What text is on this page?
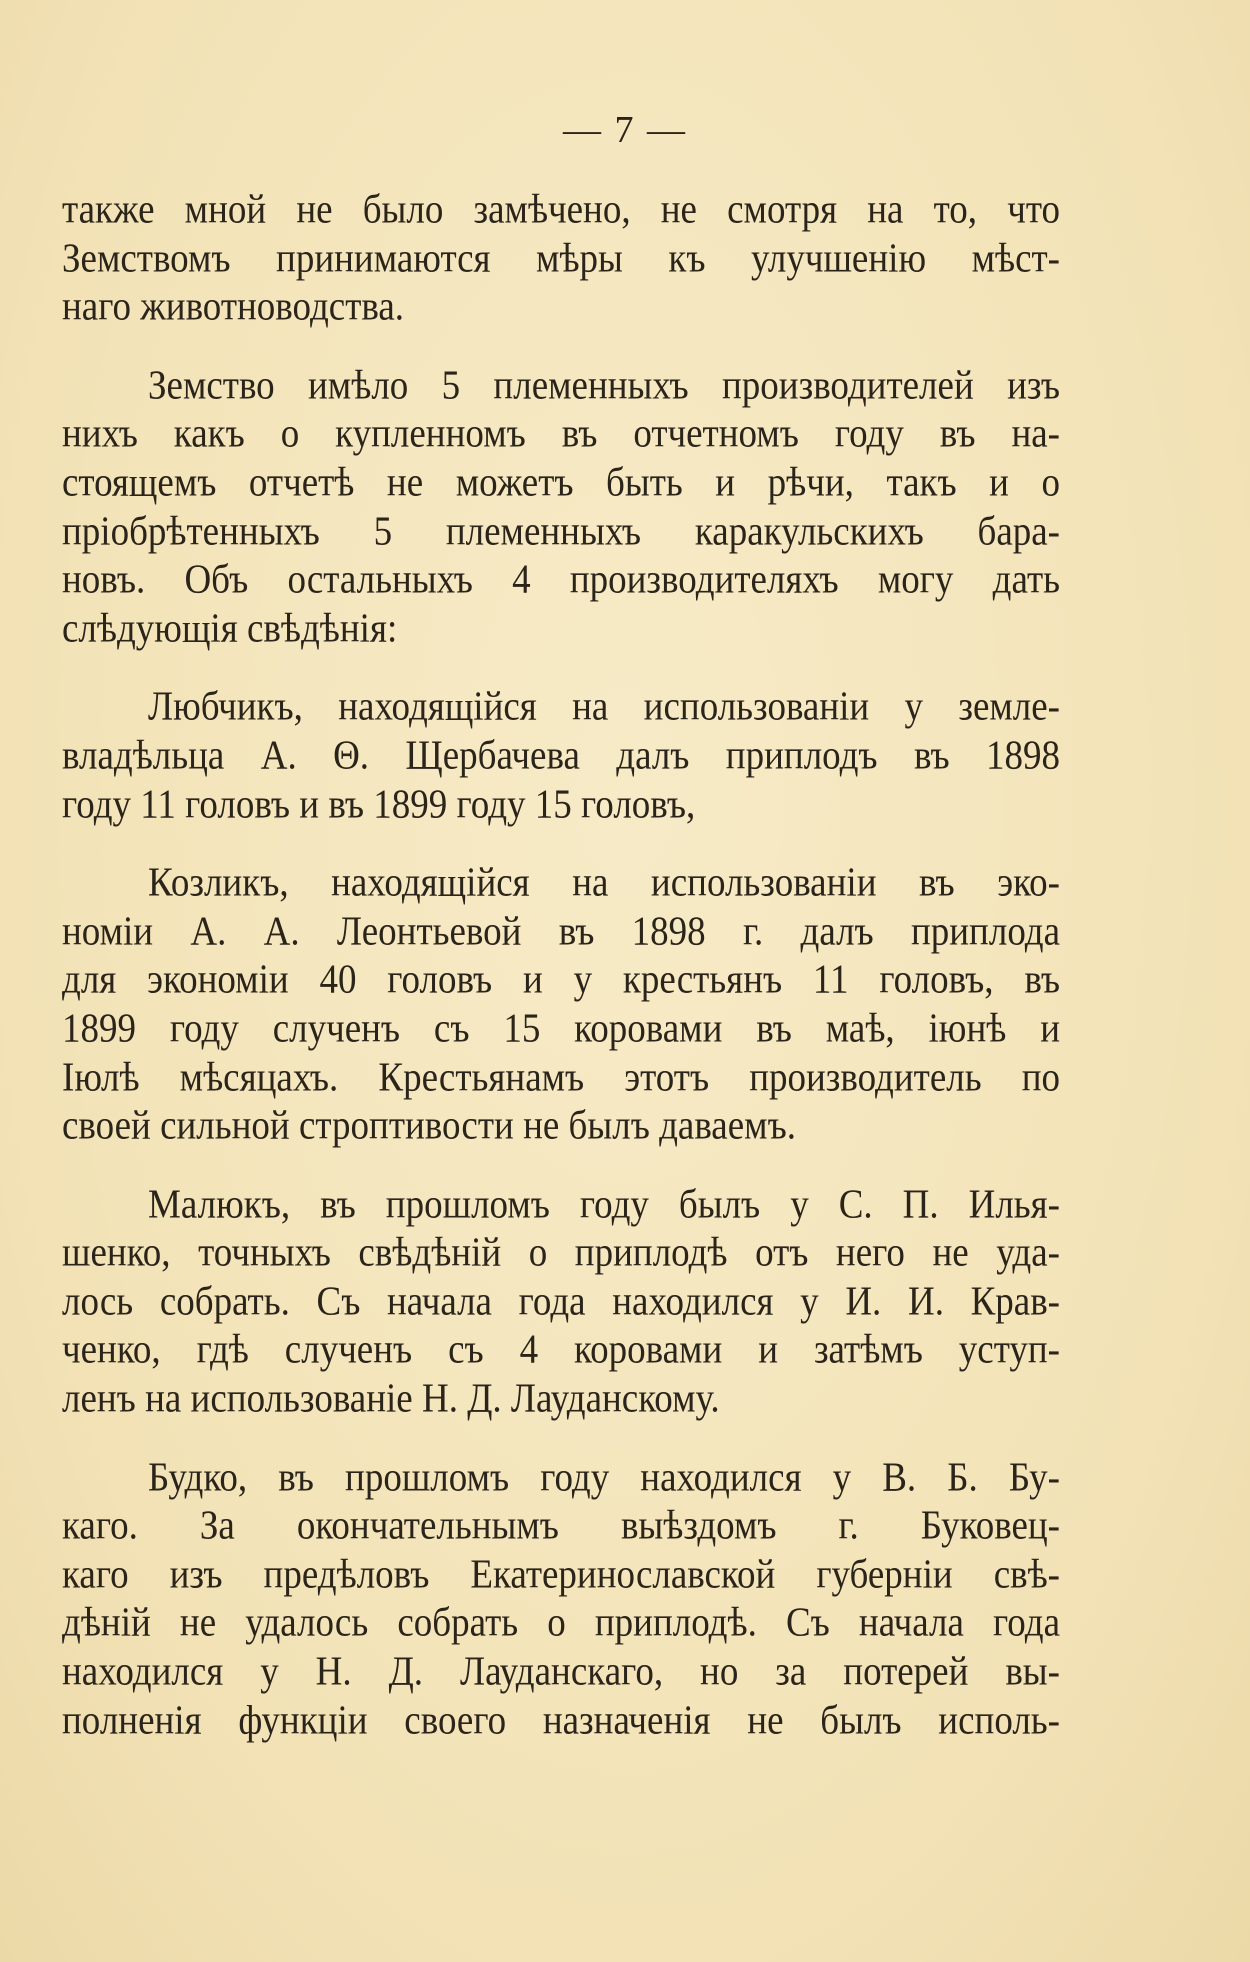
— 7 —
также мной не было замѣчено, не смотря на то, что
Земствомъ принимаются мѣры къ улучшенію мѣст-
наго животноводства.
Земство имѣло 5 племенныхъ производителей изъ
нихъ какъ о купленномъ въ отчетномъ году въ на-
стоящемъ отчетѣ не можетъ быть и рѣчи, такъ и о
пріобрѣтенныхъ 5 племенныхъ каракульскихъ бара-
новъ. Объ остальныхъ 4 производителяхъ могу дать
слѣдующія свѣдѣнія:
Любчикъ, находящійся на использованіи у земле-
владѣльца А. Θ. Щербачева далъ приплодъ въ 1898
году 11 головъ и въ 1899 году 15 головъ,
Козликъ, находящійся на использованіи въ эко-
номіи А. А. Леонтьевой въ 1898 г. далъ приплода
для экономіи 40 головъ и у крестьянъ 11 головъ, въ
1899 году слученъ съ 15 коровами въ маѣ, іюнѣ и
Іюлѣ мѣсяцахъ. Крестьянамъ этотъ производитель по
своей сильной строптивости не былъ даваемъ.
Малюкъ, въ прошломъ году былъ у С. П. Илья-
шенко, точныхъ свѣдѣній о приплодѣ отъ него не уда-
лось собрать. Съ начала года находился у И. И. Крав-
ченко, гдѣ слученъ съ 4 коровами и затѣмъ уступ-
ленъ на использованіе Н. Д. Лауданскому.
Будко, въ прошломъ году находился у В. Б. Бу-
каго. За окончательнымъ выѣздомъ г. Буковец-
каго изъ предѣловъ Екатеринославской губерніи свѣ-
дѣній не удалось собрать о приплодѣ. Съ начала года
находился у Н. Д. Лауданскаго, но за потерей вы-
полненія функціи своего назначенія не былъ исполь-
